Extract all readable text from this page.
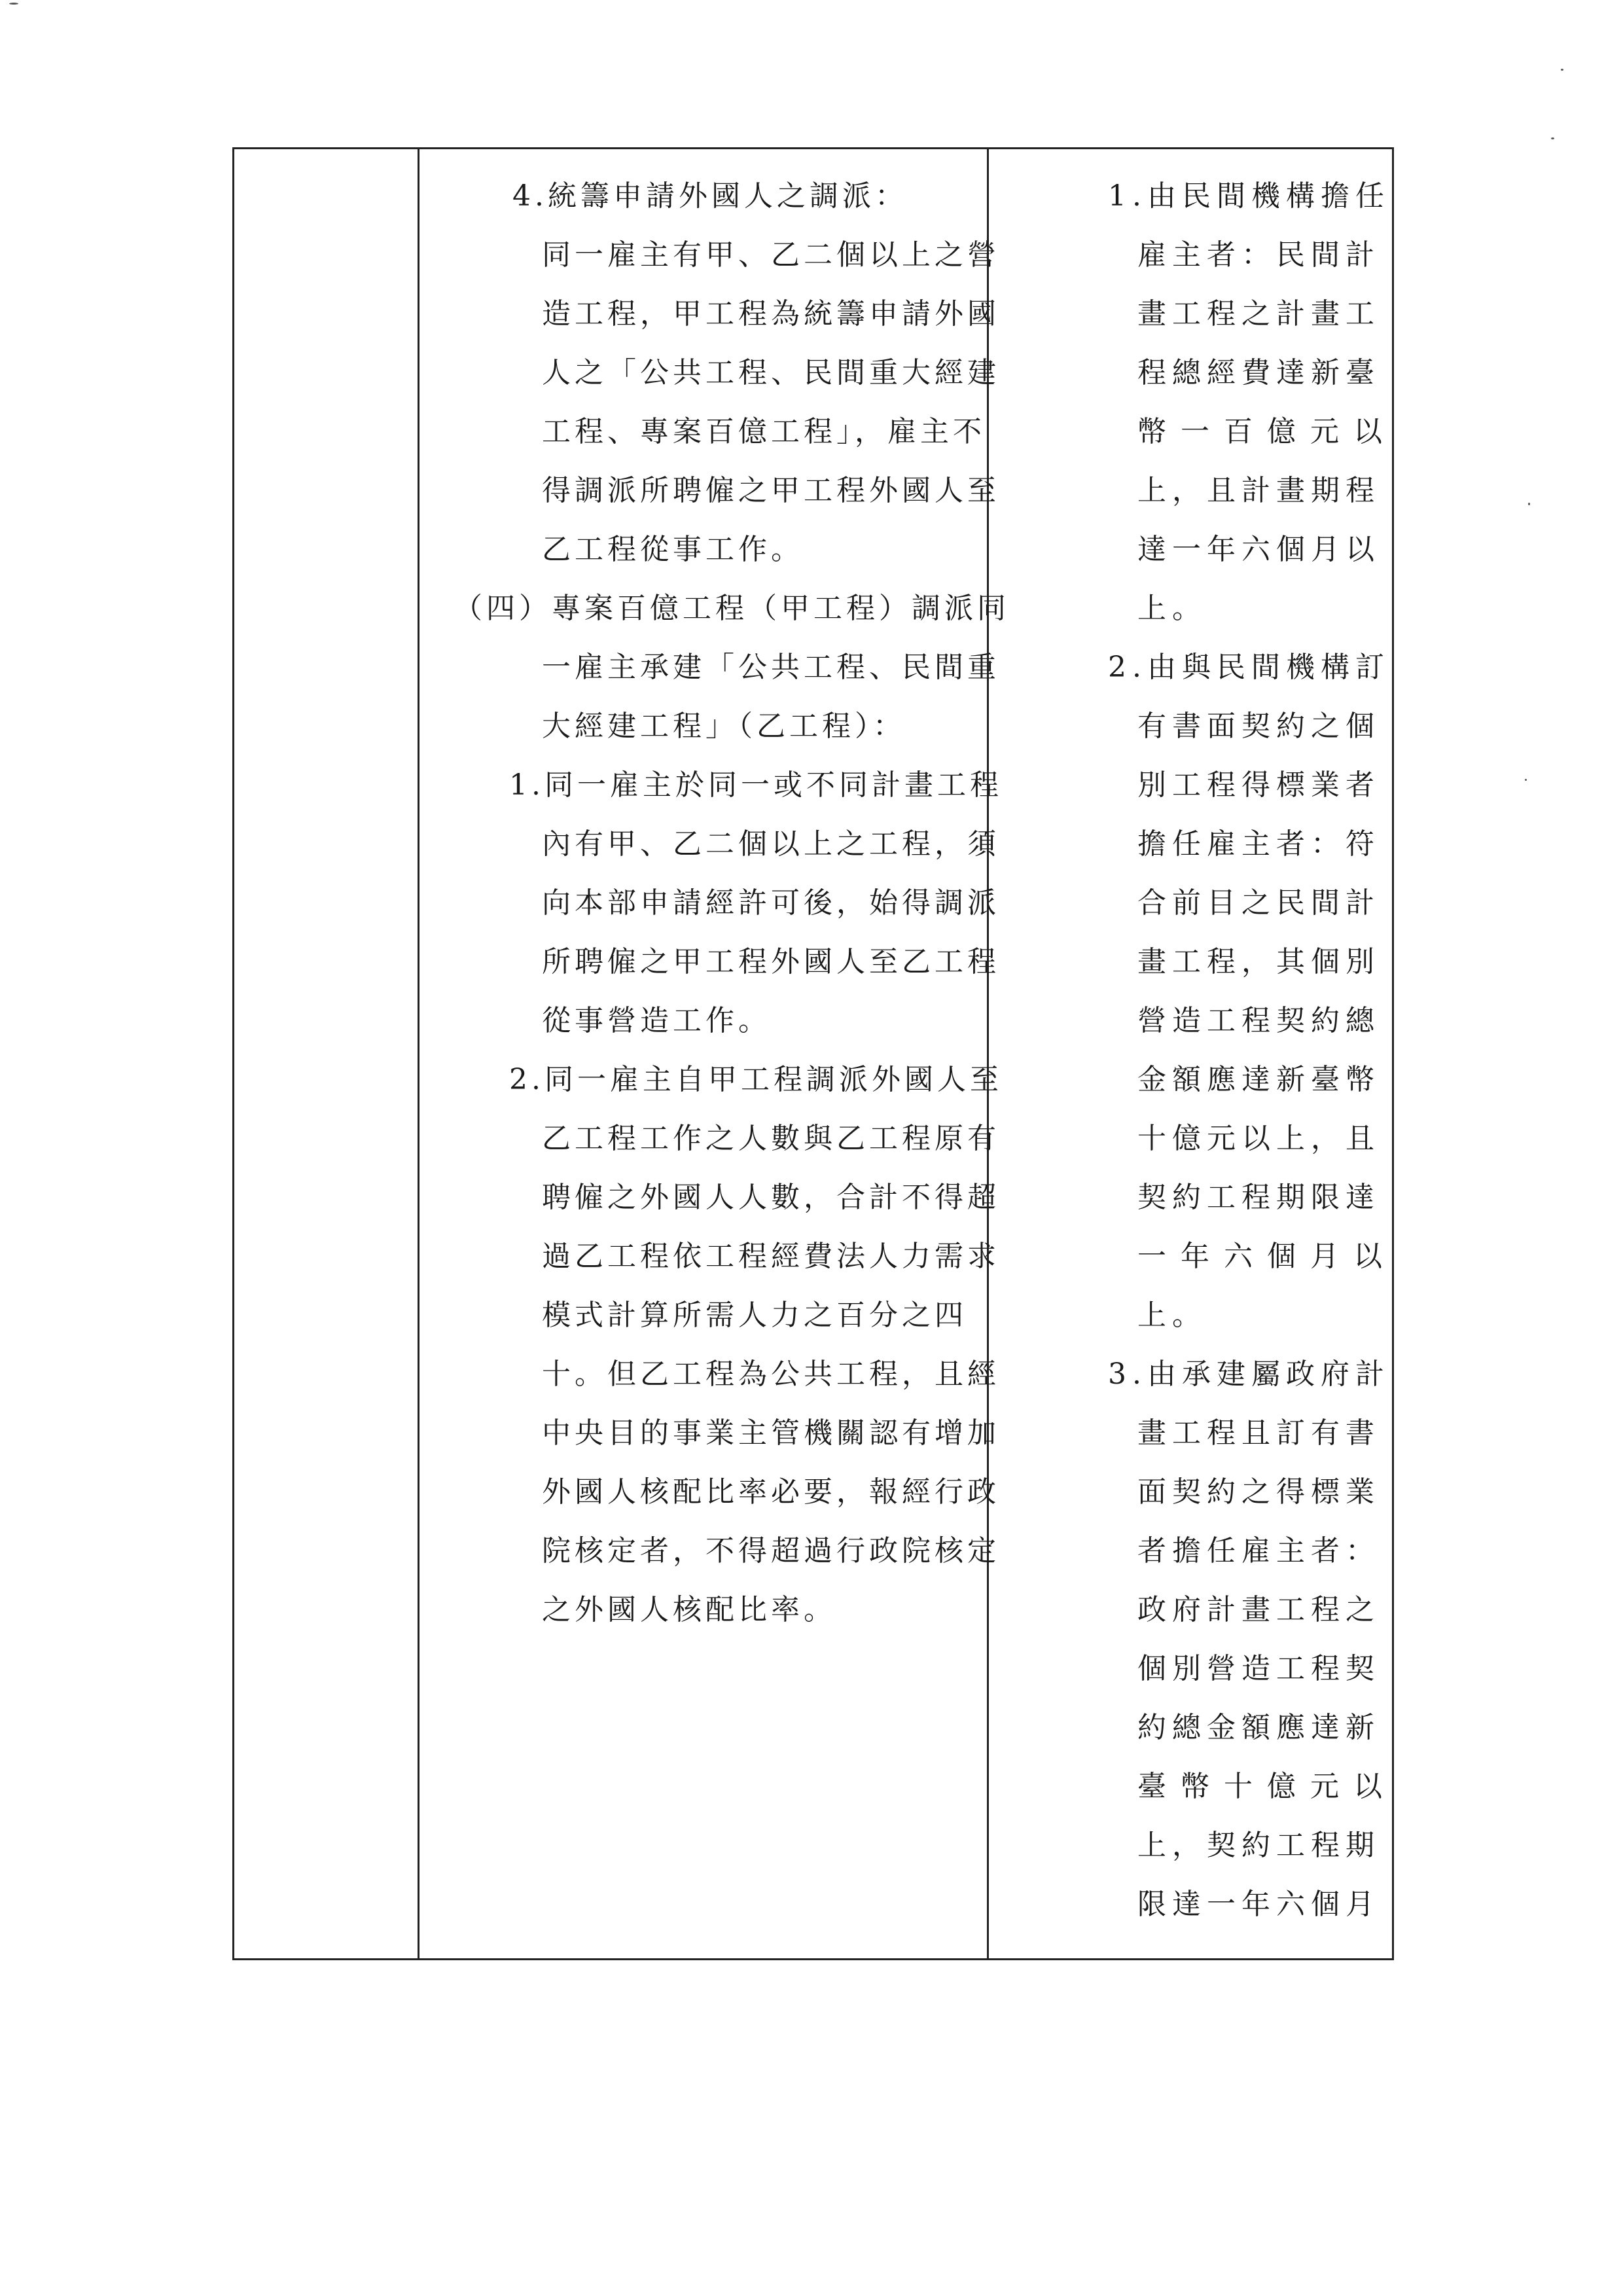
4.統籌申請外國人之調派：
同一雇主有甲、乙二個以上之營
造工程，甲工程為統籌申請外國
人之「公共工程、民間重大經建
工程、專案百億工程」，雇主不
得調派所聘僱之甲工程外國人至
乙工程從事工作。
（四）專案百億工程（甲工程）調派同
一雇主承建「公共工程、民間重
大經建工程」（乙工程）：
1.同一雇主於同一或不同計畫工程
內有甲、乙二個以上之工程，須
向本部申請經許可後，始得調派
所聘僱之甲工程外國人至乙工程
從事營造工作。
2.同一雇主自甲工程調派外國人至
乙工程工作之人數與乙工程原有
聘僱之外國人人數，合計不得超
過乙工程依工程經費法人力需求
模式計算所需人力之百分之四
十。但乙工程為公共工程，且經
中央目的事業主管機關認有增加
外國人核配比率必要，報經行政
院核定者，不得超過行政院核定
之外國人核配比率。
1.由民間機構擔任
雇主者：民間計
畫工程之計畫工
程總經費達新臺
幣一百億元以
上，且計畫期程
達一年六個月以
上。
2.由與民間機構訂
有書面契約之個
別工程得標業者
擔任雇主者：符
合前目之民間計
畫工程，其個別
營造工程契約總
金額應達新臺幣
十億元以上，且
契約工程期限達
一年六個月以
上。
3.由承建屬政府計
畫工程且訂有書
面契約之得標業
者擔任雇主者：
政府計畫工程之
個別營造工程契
約總金額應達新
臺幣十億元以
上，契約工程期
限達一年六個月
